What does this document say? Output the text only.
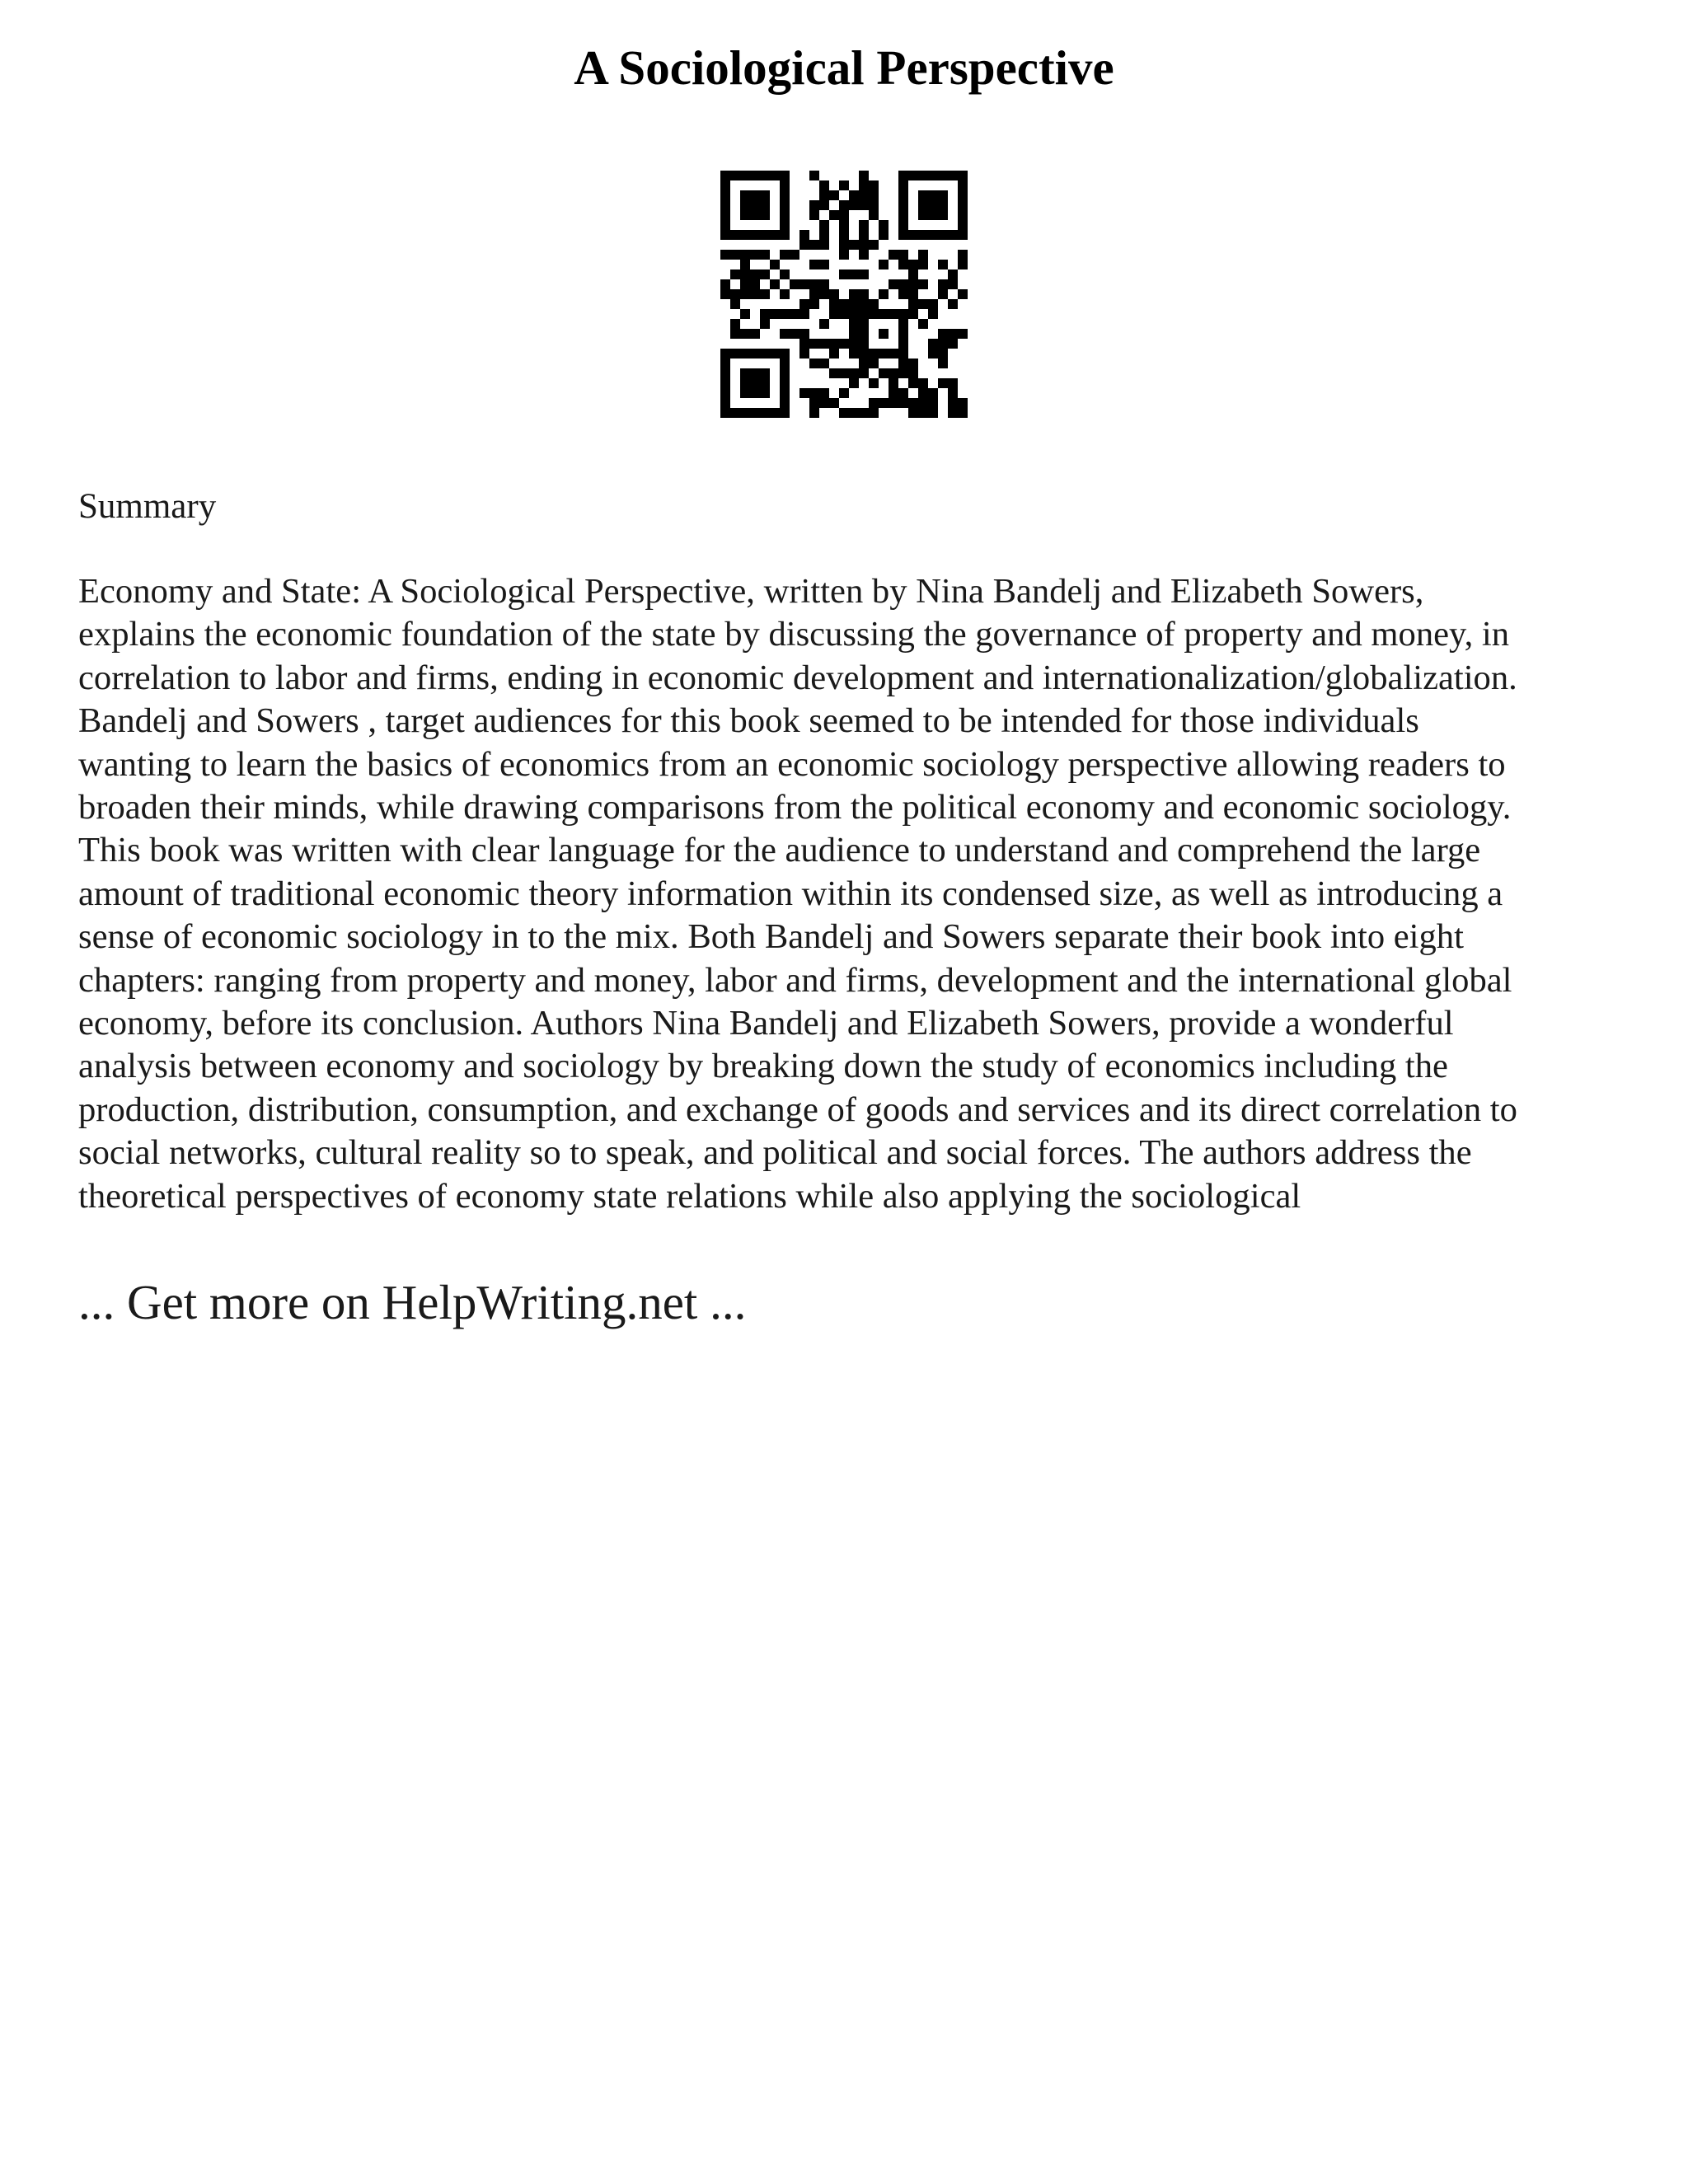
A Sociological Perspective

Summary

Economy and State: A Sociological Perspective, written by Nina Bandelj and Elizabeth Sowers,
explains the economic foundation of the state by discussing the governance of property and money, in
correlation to labor and firms, ending in economic development and internationalization/globalization.
Bandelj and Sowers , target audiences for this book seemed to be intended for those individuals
wanting to learn the basics of economics from an economic sociology perspective allowing readers to
broaden their minds, while drawing comparisons from the political economy and economic sociology.
This book was written with clear language for the audience to understand and comprehend the large
amount of traditional economic theory information within its condensed size, as well as introducing a
sense of economic sociology in to the mix. Both Bandelj and Sowers separate their book into eight
chapters: ranging from property and money, labor and firms, development and the international global
economy, before its conclusion. Authors Nina Bandelj and Elizabeth Sowers, provide a wonderful
analysis between economy and sociology by breaking down the study of economics including the
production, distribution, consumption, and exchange of goods and services and its direct correlation to
social networks, cultural reality so to speak, and political and social forces. The authors address the
theoretical perspectives of economy state relations while also applying the sociological
... Get more on HelpWriting.net ...
